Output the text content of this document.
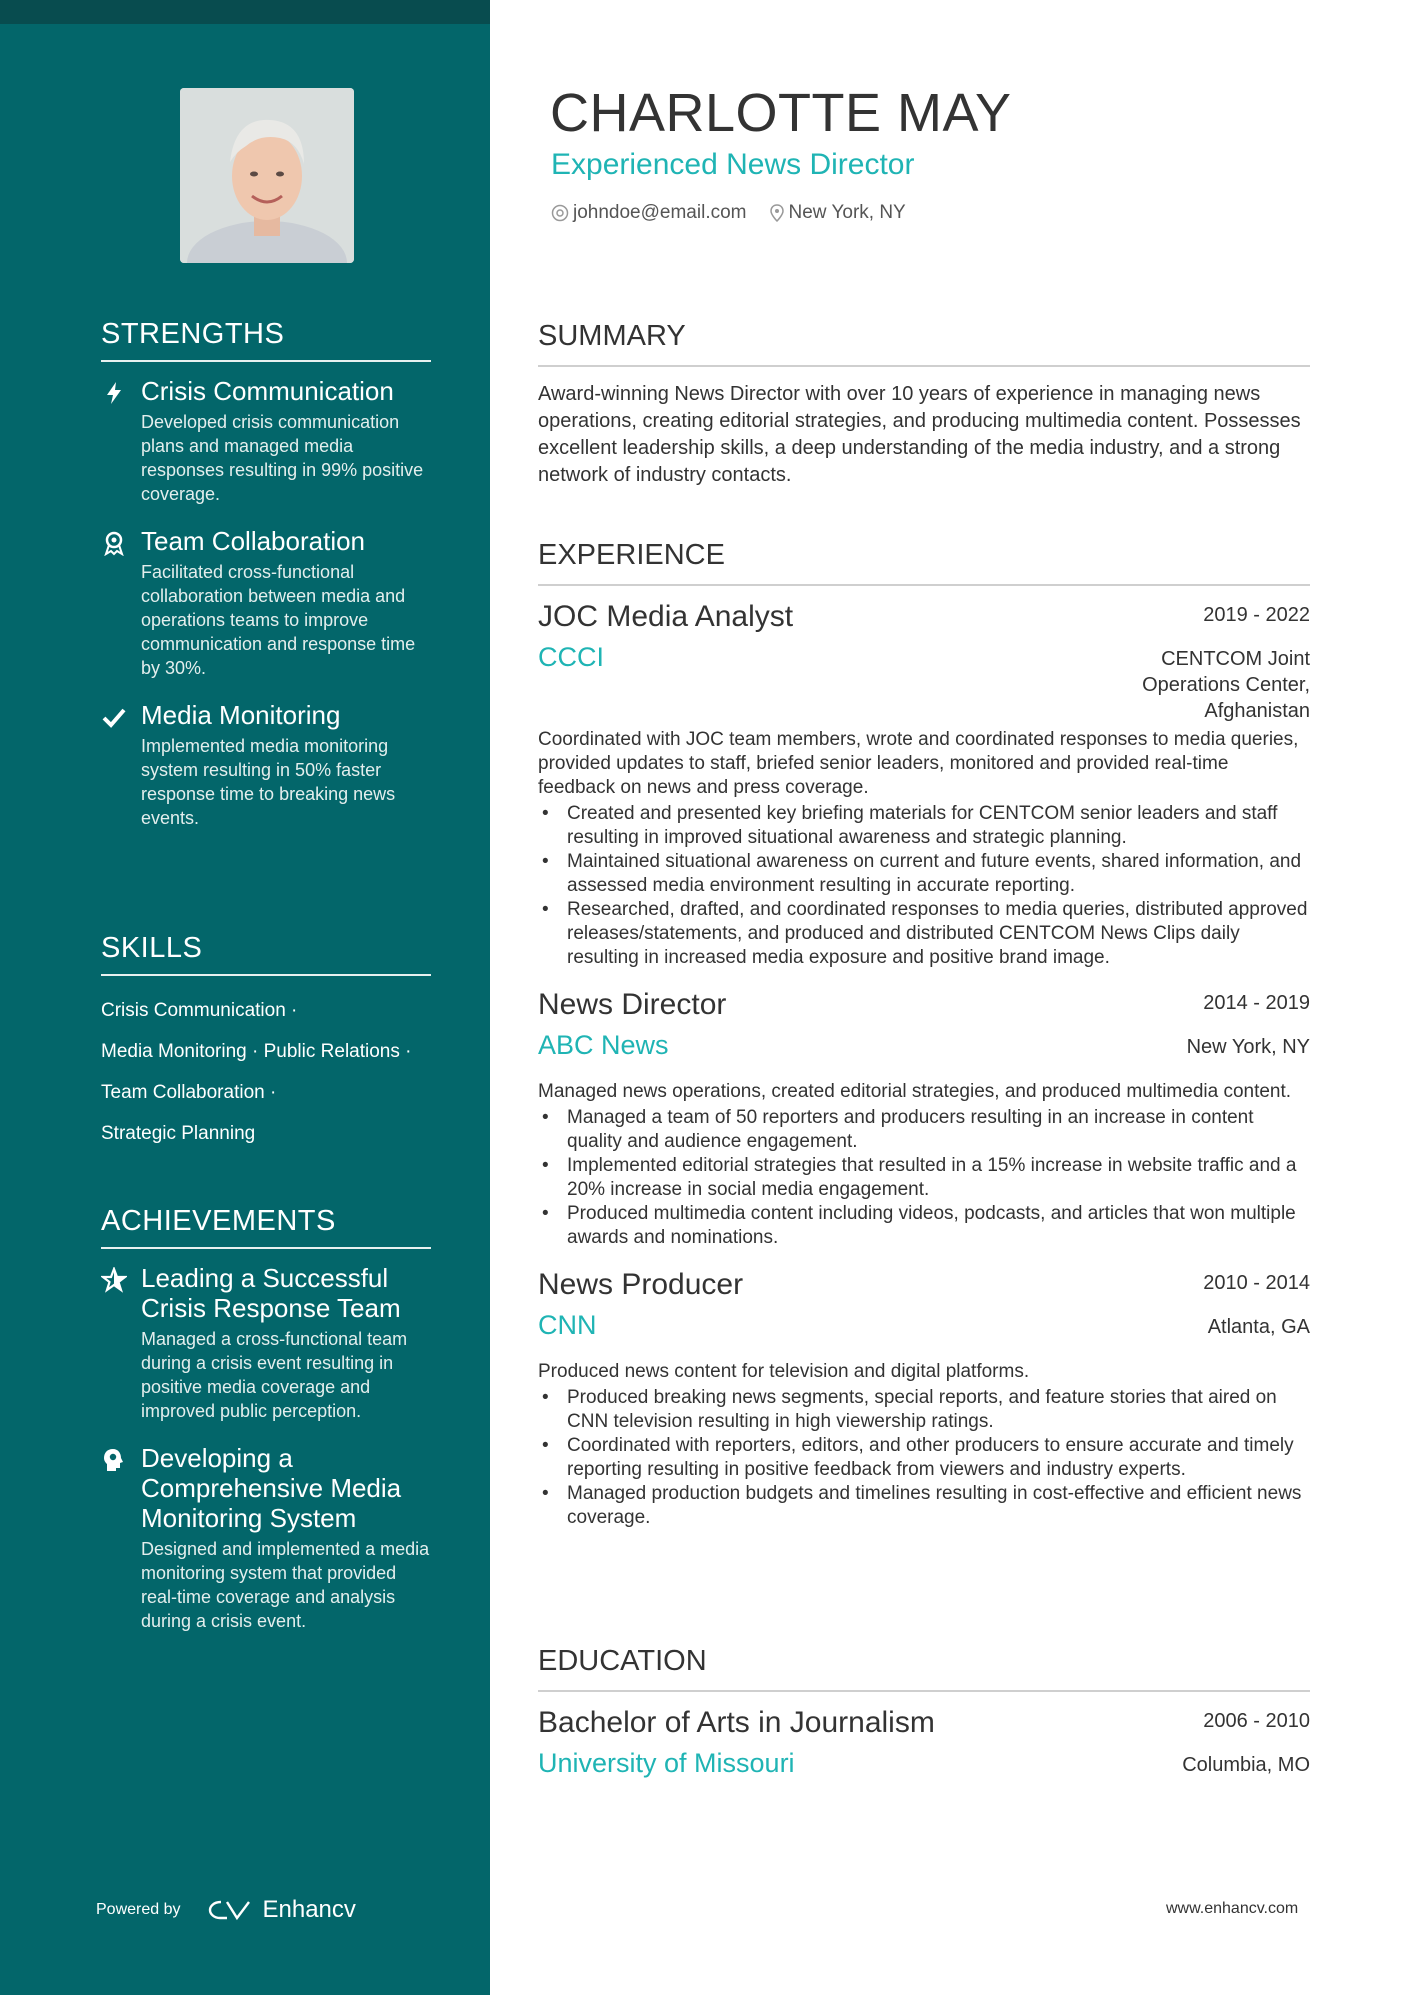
STRENGTHS
Crisis Communication
Developed crisis communication plans and managed media responses resulting in 99% positive coverage.
Team Collaboration
Facilitated cross-functional collaboration between media and operations teams to improve communication and response time by 30%.
Media Monitoring
Implemented media monitoring system resulting in 50% faster response time to breaking news events.
SKILLS
Crisis Communication ·
Media Monitoring · Public Relations ·
Team Collaboration ·
Strategic Planning
ACHIEVEMENTS
Leading a Successful Crisis Response Team
Managed a cross-functional team during a crisis event resulting in positive media coverage and improved public perception.
Developing a Comprehensive Media Monitoring System
Designed and implemented a media monitoring system that provided real-time coverage and analysis during a crisis event.
Powered by	Enhancv
CHARLOTTE MAY
Experienced News Director
johndoe@email.com New York, NY
SUMMARY
Award-winning News Director with over 10 years of experience in managing news operations, creating editorial strategies, and producing multimedia content. Possesses excellent leadership skills, a deep understanding of the media industry, and a strong network of industry contacts.
EXPERIENCE
JOC Media Analyst	2019 - 2022
CCCI	CENTCOM Joint Operations Center, Afghanistan
Coordinated with JOC team members, wrote and coordinated responses to media queries, provided updates to staff, briefed senior leaders, monitored and provided real-time feedback on news and press coverage.
• Created and presented key briefing materials for CENTCOM senior leaders and staff resulting in improved situational awareness and strategic planning.
• Maintained situational awareness on current and future events, shared information, and assessed media environment resulting in accurate reporting.
• Researched, drafted, and coordinated responses to media queries, distributed approved releases/statements, and produced and distributed CENTCOM News Clips daily resulting in increased media exposure and positive brand image.
News Director	2014 - 2019
ABC News	New York, NY
Managed news operations, created editorial strategies, and produced multimedia content.
• Managed a team of 50 reporters and producers resulting in an increase in content quality and audience engagement.
• Implemented editorial strategies that resulted in a 15% increase in website traffic and a 20% increase in social media engagement.
• Produced multimedia content including videos, podcasts, and articles that won multiple awards and nominations.
News Producer	2010 - 2014
CNN	Atlanta, GA
Produced news content for television and digital platforms.
• Produced breaking news segments, special reports, and feature stories that aired on CNN television resulting in high viewership ratings.
• Coordinated with reporters, editors, and other producers to ensure accurate and timely reporting resulting in positive feedback from viewers and industry experts.
• Managed production budgets and timelines resulting in cost-effective and efficient news coverage.
EDUCATION
Bachelor of Arts in Journalism	2006 - 2010
University of Missouri	Columbia, MO
www.enhancv.com
